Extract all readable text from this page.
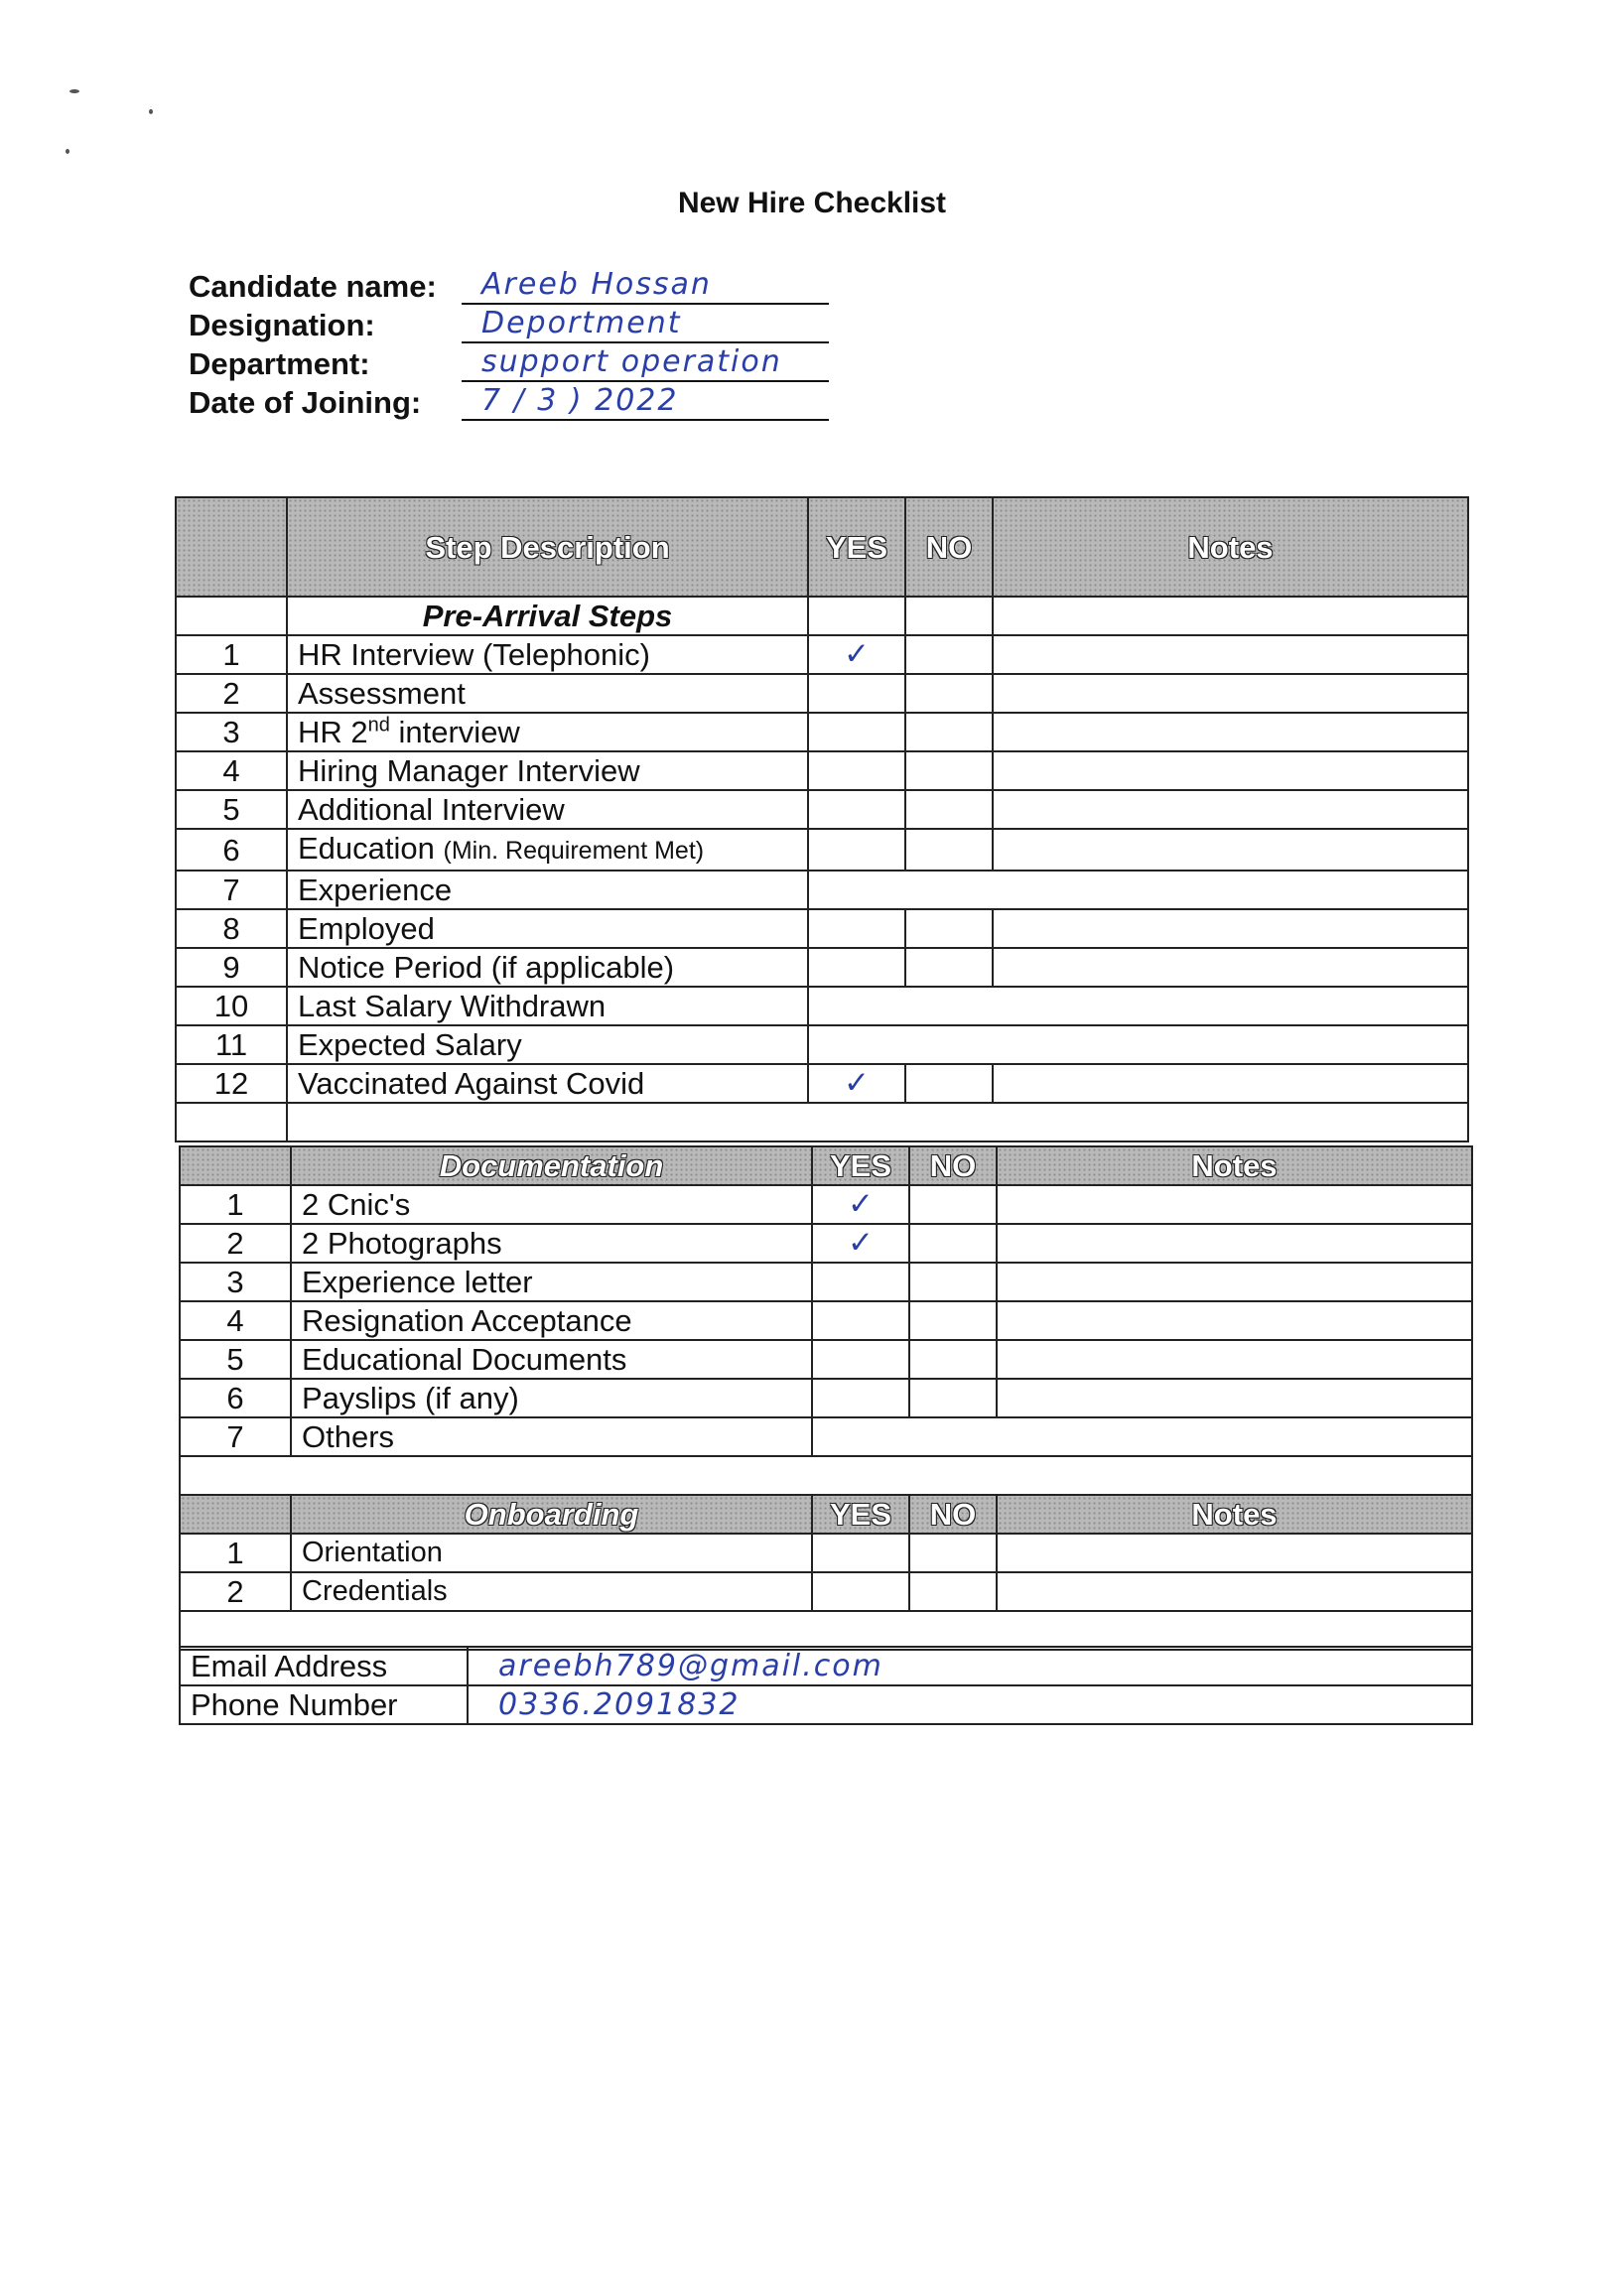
New Hire Checklist
Candidate name:	Areeb Hossan
Designation:	Deportment
Department:	support operation
Date of Joining:	7 / 3 ) 2022
	Step Description	YES	NO	Notes
	Pre-Arrival Steps			
1	HR Interview (Telephonic)	✓		
2	Assessment			
3	HR 2nd interview			
4	Hiring Manager Interview			
5	Additional Interview			
6	Education (Min. Requirement Met)			
7	Experience			
8	Employed			
9	Notice Period (if applicable)			
10	Last Salary Withdrawn			
11	Expected Salary			
12	Vaccinated Against Covid	✓		

	Documentation	YES	NO	Notes
1	2 Cnic's	✓		
2	2 Photographs	✓		
3	Experience letter			
4	Resignation Acceptance			
5	Educational Documents			
6	Payslips (if any)			
7	Others			

	Onboarding	YES	NO	Notes
1	Orientation			
2	Credentials			

Email Address	areebh789@gmail.com
Phone Number	0336.2091832
